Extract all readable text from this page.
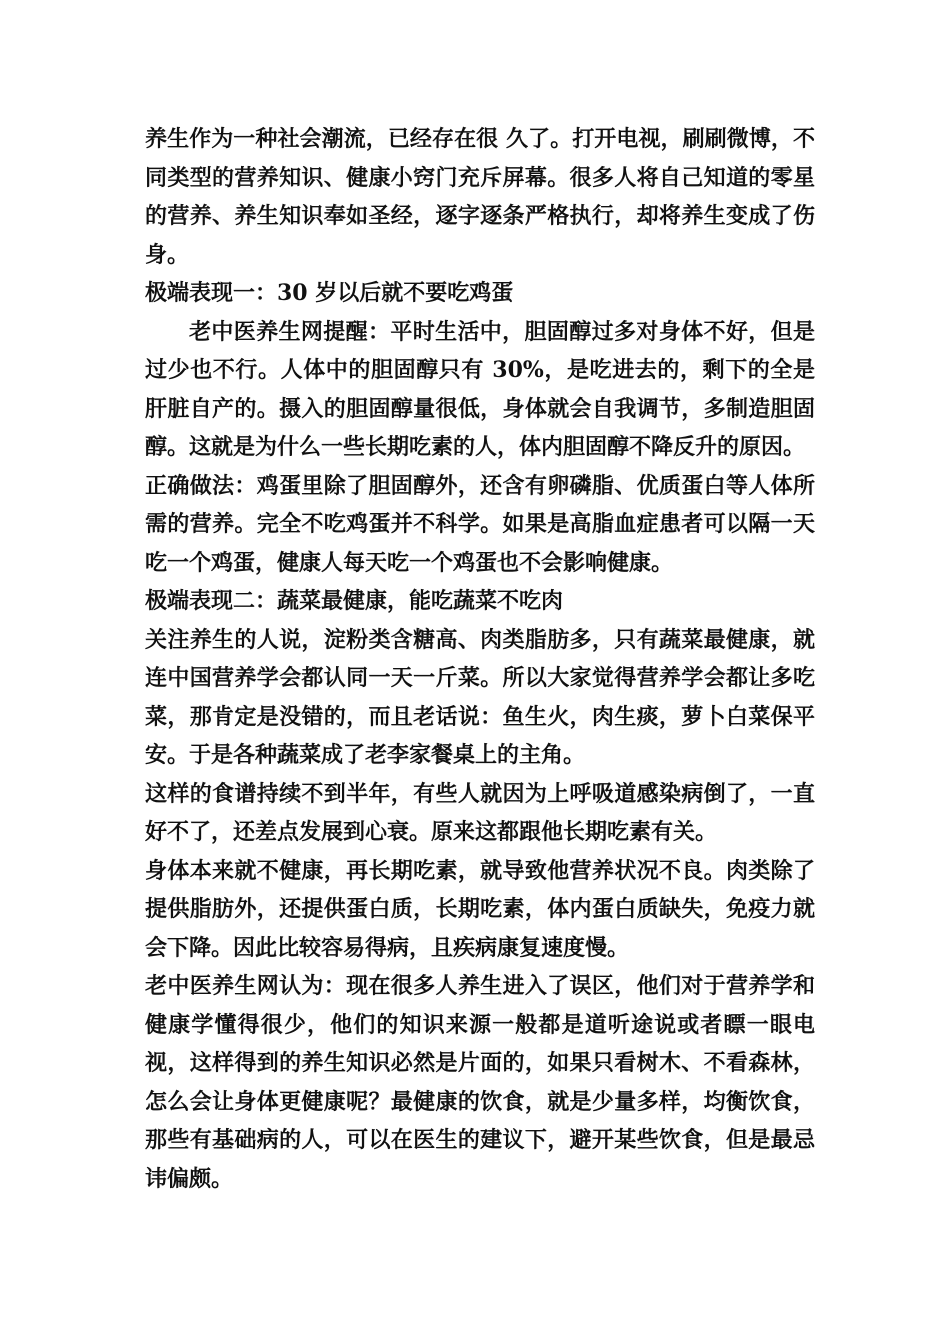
养生作为一种社会潮流，已经存在很 久了。打开电视，刷刷微博，不同类型的营养知识、健康小窍门充斥屏幕。很多人将自己知道的零星的营养、养生知识奉如圣经，逐字逐条严格执行，却将养生变成了伤身。

极端表现一：30 岁以后就不要吃鸡蛋

老中医养生网提醒：平时生活中，胆固醇过多对身体不好，但是过少也不行。人体中的胆固醇只有 30%，是吃进去的，剩下的全是肝脏自产的。摄入的胆固醇量很低，身体就会自我调节，多制造胆固醇。这就是为什么一些长期吃素的人，体内胆固醇不降反升的原因。

正确做法：鸡蛋里除了胆固醇外，还含有卵磷脂、优质蛋白等人体所需的营养。完全不吃鸡蛋并不科学。如果是高脂血症患者可以隔一天吃一个鸡蛋，健康人每天吃一个鸡蛋也不会影响健康。

极端表现二：蔬菜最健康，能吃蔬菜不吃肉

关注养生的人说，淀粉类含糖高、肉类脂肪多，只有蔬菜最健康，就连中国营养学会都认同一天一斤菜。所以大家觉得营养学会都让多吃菜，那肯定是没错的，而且老话说：鱼生火，肉生痰，萝卜白菜保平安。于是各种蔬菜成了老李家餐桌上的主角。

这样的食谱持续不到半年，有些人就因为上呼吸道感染病倒了，一直好不了，还差点发展到心衰。原来这都跟他长期吃素有关。

身体本来就不健康，再长期吃素，就导致他营养状况不良。肉类除了提供脂肪外，还提供蛋白质，长期吃素，体内蛋白质缺失，免疫力就会下降。因此比较容易得病，且疾病康复速度慢。

老中医养生网认为：现在很多人养生进入了误区，他们对于营养学和健康学懂得很少，他们的知识来源一般都是道听途说或者瞟一眼电视，这样得到的养生知识必然是片面的，如果只看树木、不看森林，怎么会让身体更健康呢？最健康的饮食，就是少量多样，均衡饮食，那些有基础病的人，可以在医生的建议下，避开某些饮食，但是最忌讳偏颇。
